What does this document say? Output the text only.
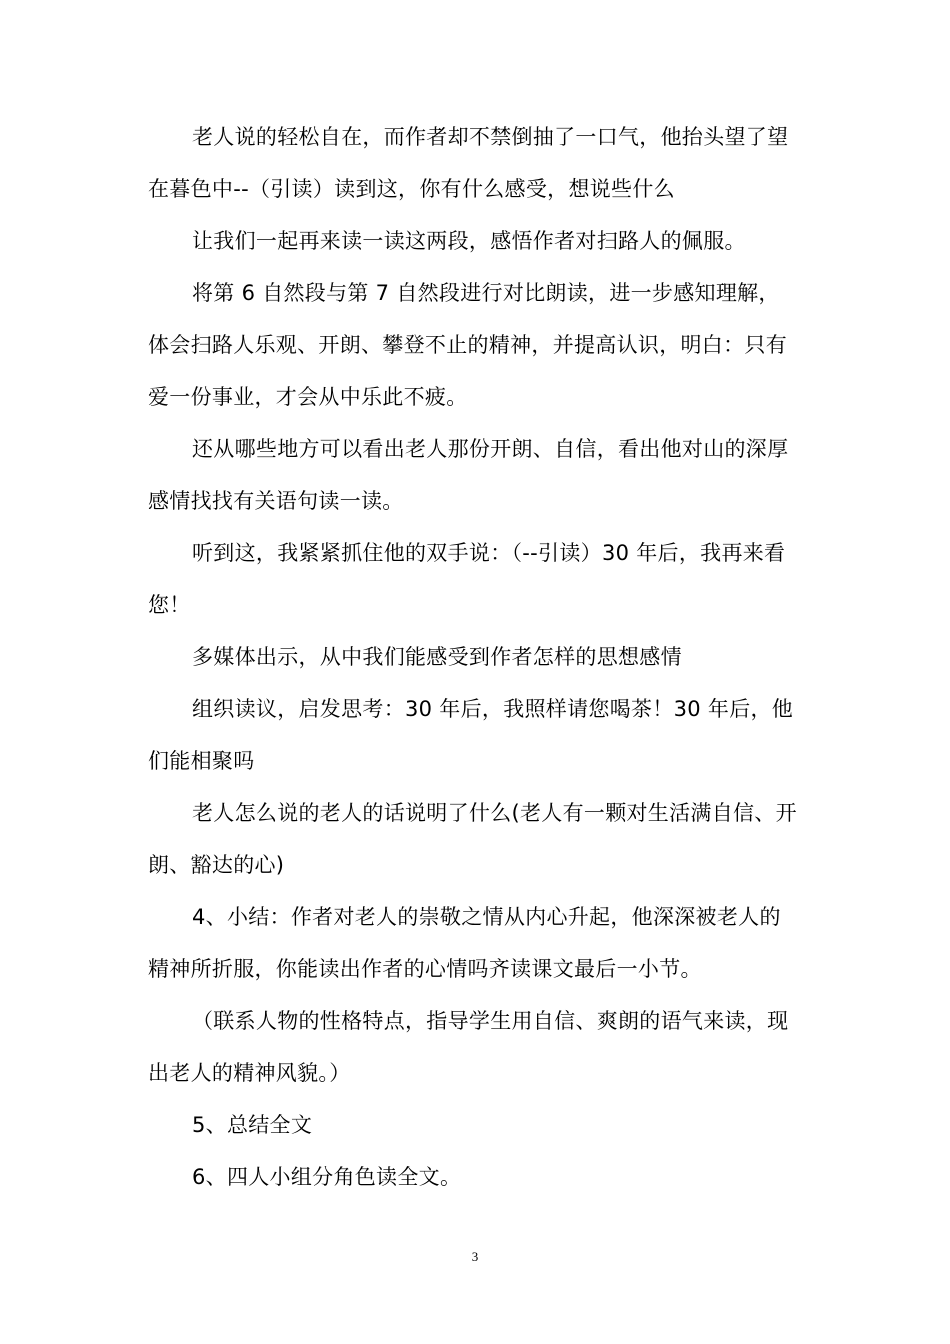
老人说的轻松自在，而作者却不禁倒抽了一口气，他抬头望了望在暮色中--（引读）读到这，你有什么感受，想说些什么

让我们一起再来读一读这两段，感悟作者对扫路人的佩服。

将第 6 自然段与第 7 自然段进行对比朗读，进一步感知理解，体会扫路人乐观、开朗、攀登不止的精神，并提高认识，明白：只有爱一份事业，才会从中乐此不疲。

还从哪些地方可以看出老人那份开朗、自信，看出他对山的深厚感情找找有关语句读一读。

听到这，我紧紧抓住他的双手说：（--引读）30 年后，我再来看您！

多媒体出示，从中我们能感受到作者怎样的思想感情

组织读议，启发思考：30 年后，我照样请您喝茶！30 年后，他们能相聚吗

老人怎么说的老人的话说明了什么(老人有一颗对生活满自信、开朗、豁达的心)

4、小结：作者对老人的崇敬之情从内心升起，他深深被老人的精神所折服，你能读出作者的心情吗齐读课文最后一小节。

（联系人物的性格特点，指导学生用自信、爽朗的语气来读，现出老人的精神风貌。）

5、总结全文

6、四人小组分角色读全文。

3
